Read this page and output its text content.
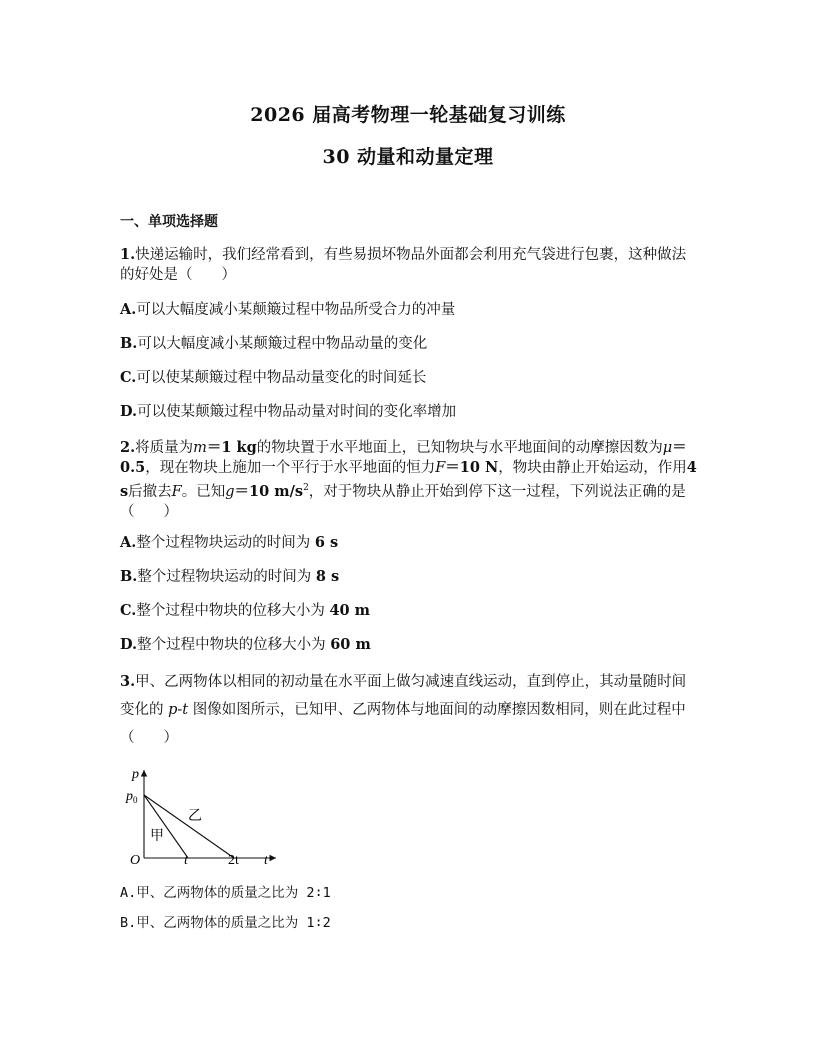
2026 届高考物理一轮基础复习训练
30 动量和动量定理
一、单项选择题
1.快递运输时，我们经常看到，有些易损坏物品外面都会利用充气袋进行包裹，这种做法的好处是（　　）
A.可以大幅度减小某颠簸过程中物品所受合力的冲量
B.可以大幅度减小某颠簸过程中物品动量的变化
C.可以使某颠簸过程中物品动量变化的时间延长
D.可以使某颠簸过程中物品动量对时间的变化率增加
2.将质量为m＝1 kg的物块置于水平地面上，已知物块与水平地面间的动摩擦因数为μ＝0.5，现在物块上施加一个平行于水平地面的恒力F＝10 N，物块由静止开始运动，作用4 s后撤去F。已知g＝10 $m/s^2$，对于物块从静止开始到停下这一过程，下列说法正确的是（　　）
A.整个过程物块运动的时间为 6 s
B.整个过程物块运动的时间为 8 s
C.整个过程中物块的位移大小为 40 m
D.整个过程中物块的位移大小为 60 m
3.甲、乙两物体以相同的初动量在水平面上做匀减速直线运动，直到停止，其动量随时间变化的 p-t 图像如图所示，已知甲、乙两物体与地面间的动摩擦因数相同，则在此过程中（　　）
p
$p_0$
O	t	2t t
甲
乙
A.甲、乙两物体的质量之比为 2∶1
B.甲、乙两物体的质量之比为 1∶2
